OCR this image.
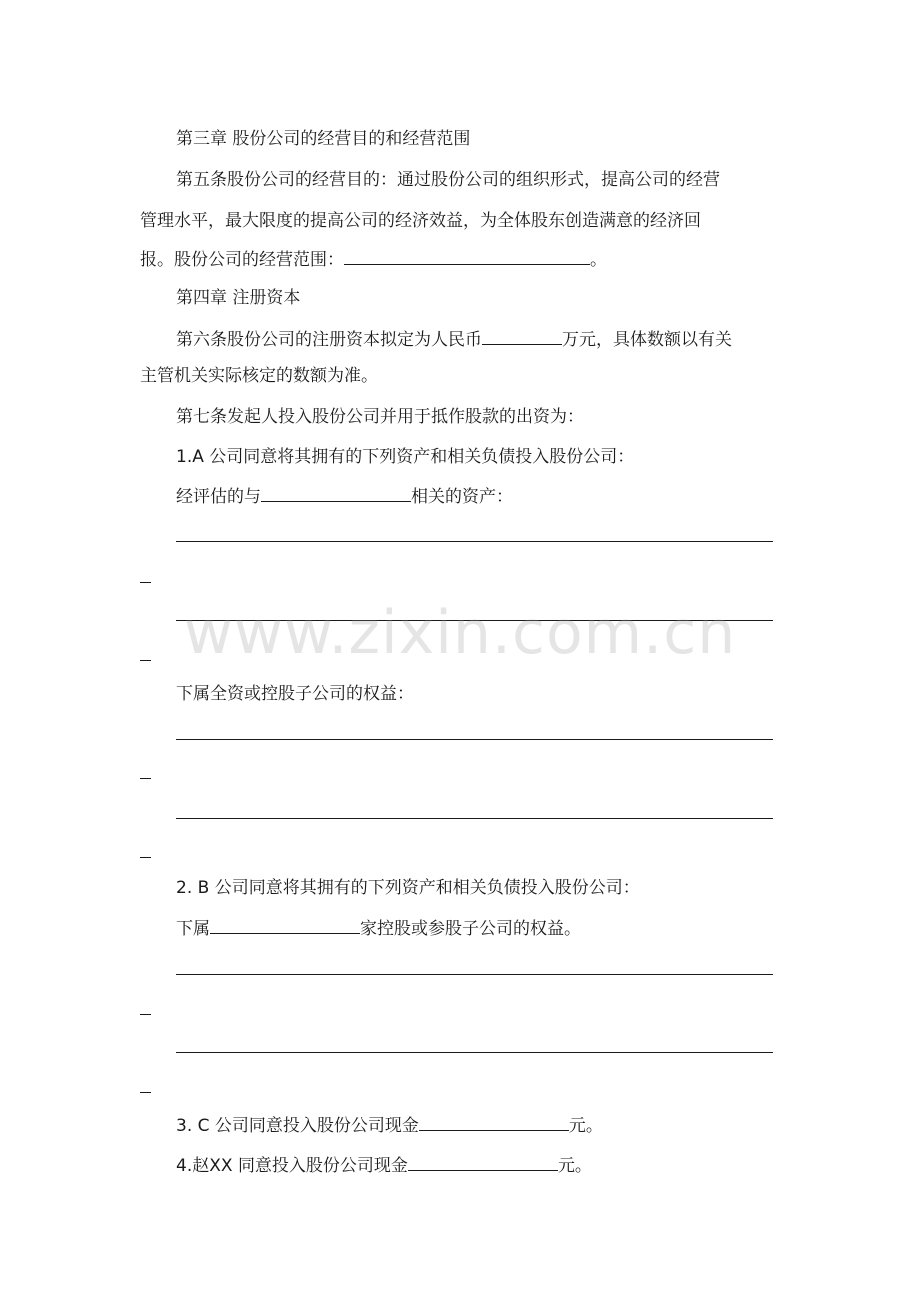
第三章 股份公司的经营目的和经营范围
第五条股份公司的经营目的：通过股份公司的组织形式，提高公司的经营
管理水平，最大限度的提高公司的经济效益，为全体股东创造满意的经济回
报。股份公司的经营范围：	。
第四章 注册资本
第六条股份公司的注册资本拟定为人民币	万元，具体数额以有关
主管机关实际核定的数额为准。
第七条发起人投入股份公司并用于抵作股款的出资为：
1.A 公司同意将其拥有的下列资产和相关负债投入股份公司：
经评估的与	相关的资产：
下属全资或控股子公司的权益：
2. B 公司同意将其拥有的下列资产和相关负债投入股份公司：
下属	家控股或参股子公司的权益。
3. C 公司同意投入股份公司现金	元。
4.赵XX 同意投入股份公司现金	元。
www.zixin.com.cn
